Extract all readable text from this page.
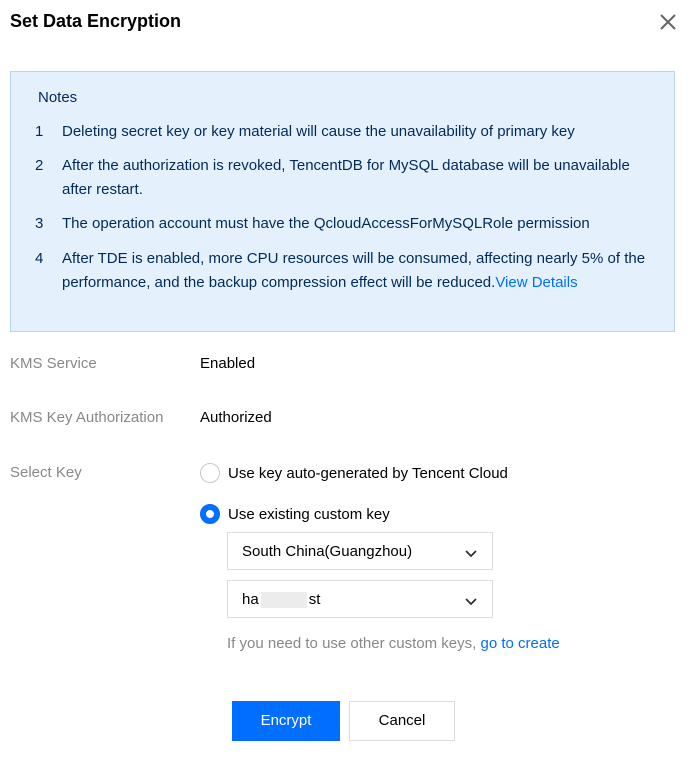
Set Data Encryption
Notes
1	Deleting secret key or key material will cause the unavailability of primary key
2	After the authorization is revoked, TencentDB for MySQL database will be unavailable after restart.
3	The operation account must have the QcloudAccessForMySQLRole permission
4	After TDE is enabled, more CPU resources will be consumed, affecting nearly 5% of the performance, and the backup compression effect will be reduced.View Details
KMS Service	Enabled
KMS Key Authorization Authorized
Select Key	Use key auto-generated by Tencent Cloud
Use existing custom key
South China(Guangzhou)
ha	st
If you need to use other custom keys, go to create
Encrypt	Cancel
